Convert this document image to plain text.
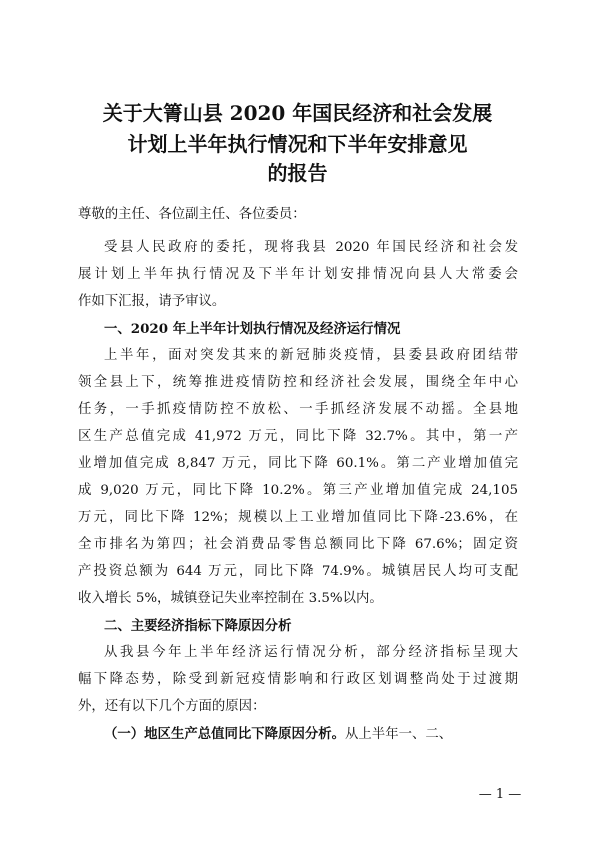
关于大箐山县 2020 年国民经济和社会发展
计划上半年执行情况和下半年安排意见
的报告
尊敬的主任、各位副主任、各位委员：
受县人民政府的委托，现将我县 2020 年国民经济和社会发
展计划上半年执行情况及下半年计划安排情况向县人大常委会
作如下汇报，请予审议。
一、2020 年上半年计划执行情况及经济运行情况
上半年，面对突发其来的新冠肺炎疫情，县委县政府团结带
领全县上下，统筹推进疫情防控和经济社会发展，围绕全年中心
任务，一手抓疫情防控不放松、一手抓经济发展不动摇。全县地
区生产总值完成 41,972 万元，同比下降 32.7%。其中，第一产
业增加值完成 8,847 万元，同比下降 60.1%。第二产业增加值完
成 9,020 万元，同比下降 10.2%。第三产业增加值完成 24,105
万元，同比下降 12%；规模以上工业增加值同比下降-23.6%，在
全市排名为第四；社会消费品零售总额同比下降 67.6%；固定资
产投资总额为 644 万元，同比下降 74.9%。城镇居民人均可支配
收入增长 5%，城镇登记失业率控制在 3.5%以内。
二、主要经济指标下降原因分析
从我县今年上半年经济运行情况分析，部分经济指标呈现大
幅下降态势，除受到新冠疫情影响和行政区划调整尚处于过渡期
外，还有以下几个方面的原因：
（一）地区生产总值同比下降原因分析。从上半年一、二、
— 1 —
